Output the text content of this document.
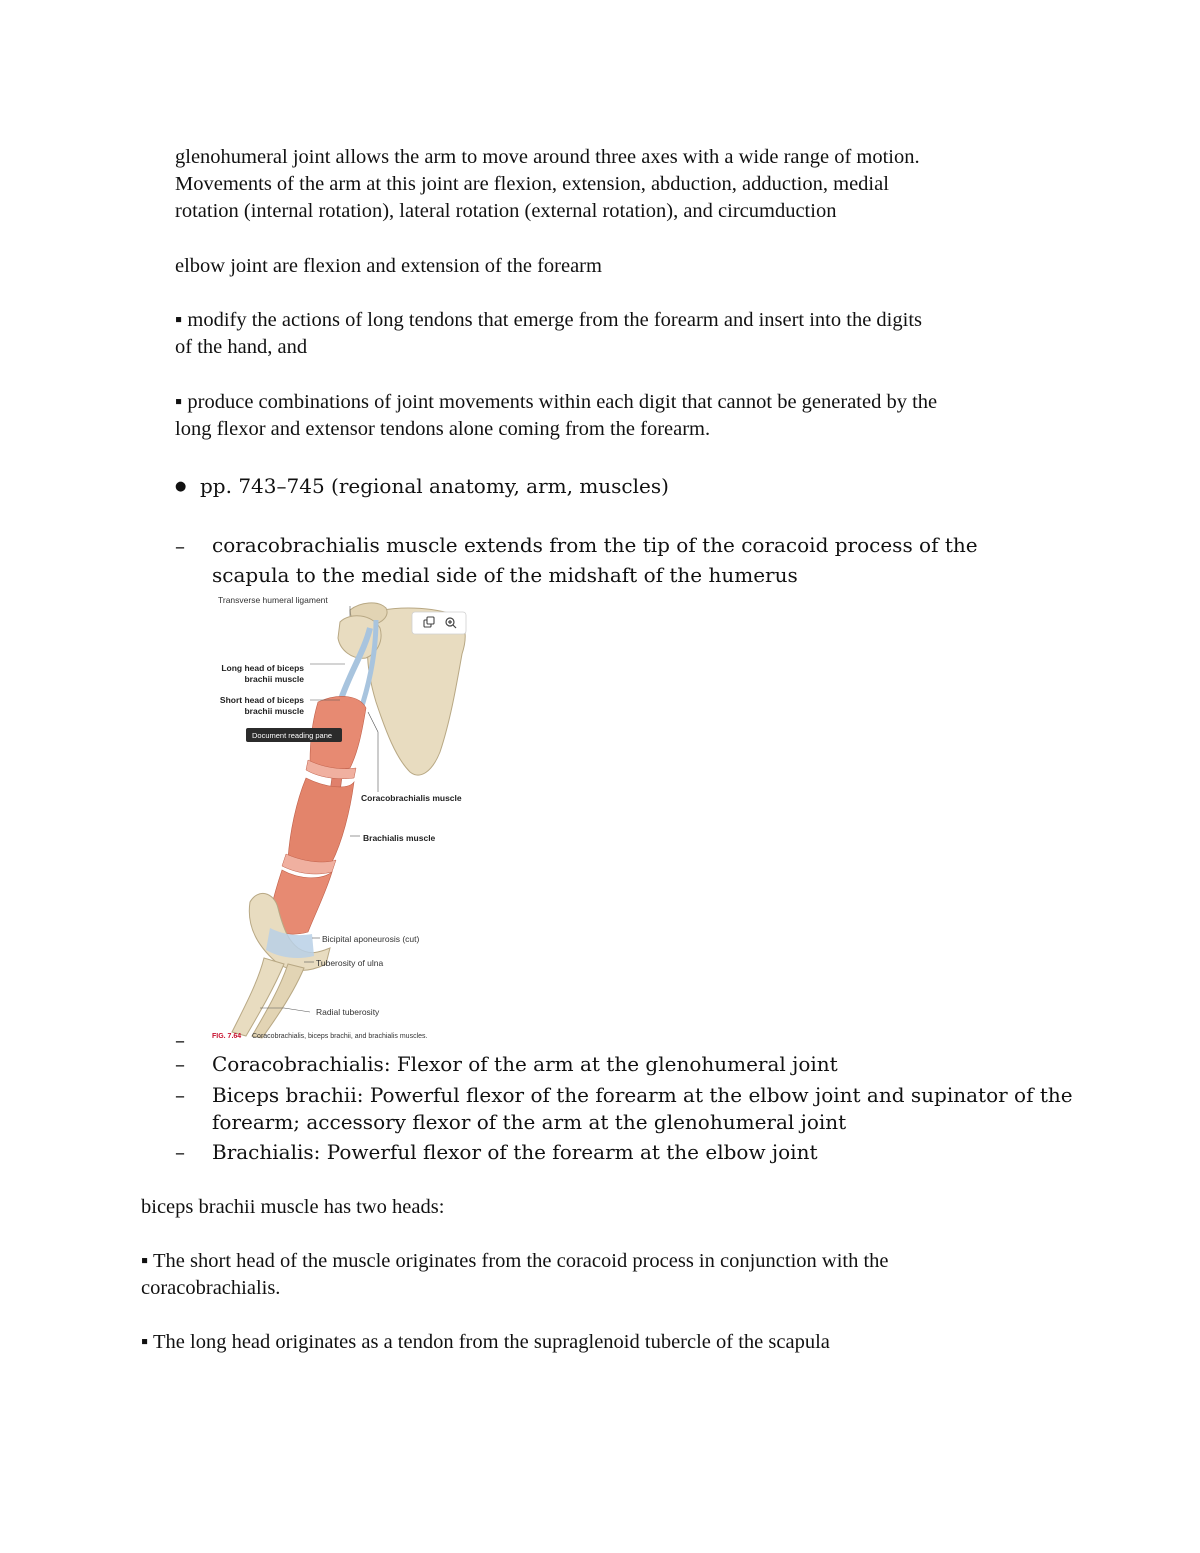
glenohumeral joint allows the arm to move around three axes with a wide range of motion.

Movements of the arm at this joint are flexion, extension, abduction, adduction, medial

rotation (internal rotation), lateral rotation (external rotation), and circumduction

elbow joint are flexion and extension of the forearm

▪ modify the actions of long tendons that emerge from the forearm and insert into the digits

of the hand, and

▪ produce combinations of joint movements within each digit that cannot be generated by the

long flexor and extensor tendons alone coming from the forearm.

● pp. 743–745 (regional anatomy, arm, muscles)

– coracobrachialis muscle extends from the tip of the coracoid process of the

scapula to the medial side of the midshaft of the humerus

Transverse humeral ligament
Long head of biceps
brachii muscle
Short head of biceps
brachii muscle
Coracobrachialis muscle
Brachialis muscle
Bicipital aponeurosis (cut)
Tuberosity of ulna
Radial tuberosity
Document reading pane
FIG. 7.64 Coracobrachialis, biceps brachii, and brachialis muscles.
–
– Coracobrachialis: Flexor of the arm at the glenohumeral joint

– Biceps brachii: Powerful flexor of the forearm at the elbow joint and supinator of the

forearm; accessory flexor of the arm at the glenohumeral joint

– Brachialis: Powerful flexor of the forearm at the elbow joint

biceps brachii muscle has two heads:

▪ The short head of the muscle originates from the coracoid process in conjunction with the

coracobrachialis.

▪ The long head originates as a tendon from the supraglenoid tubercle of the scapula
